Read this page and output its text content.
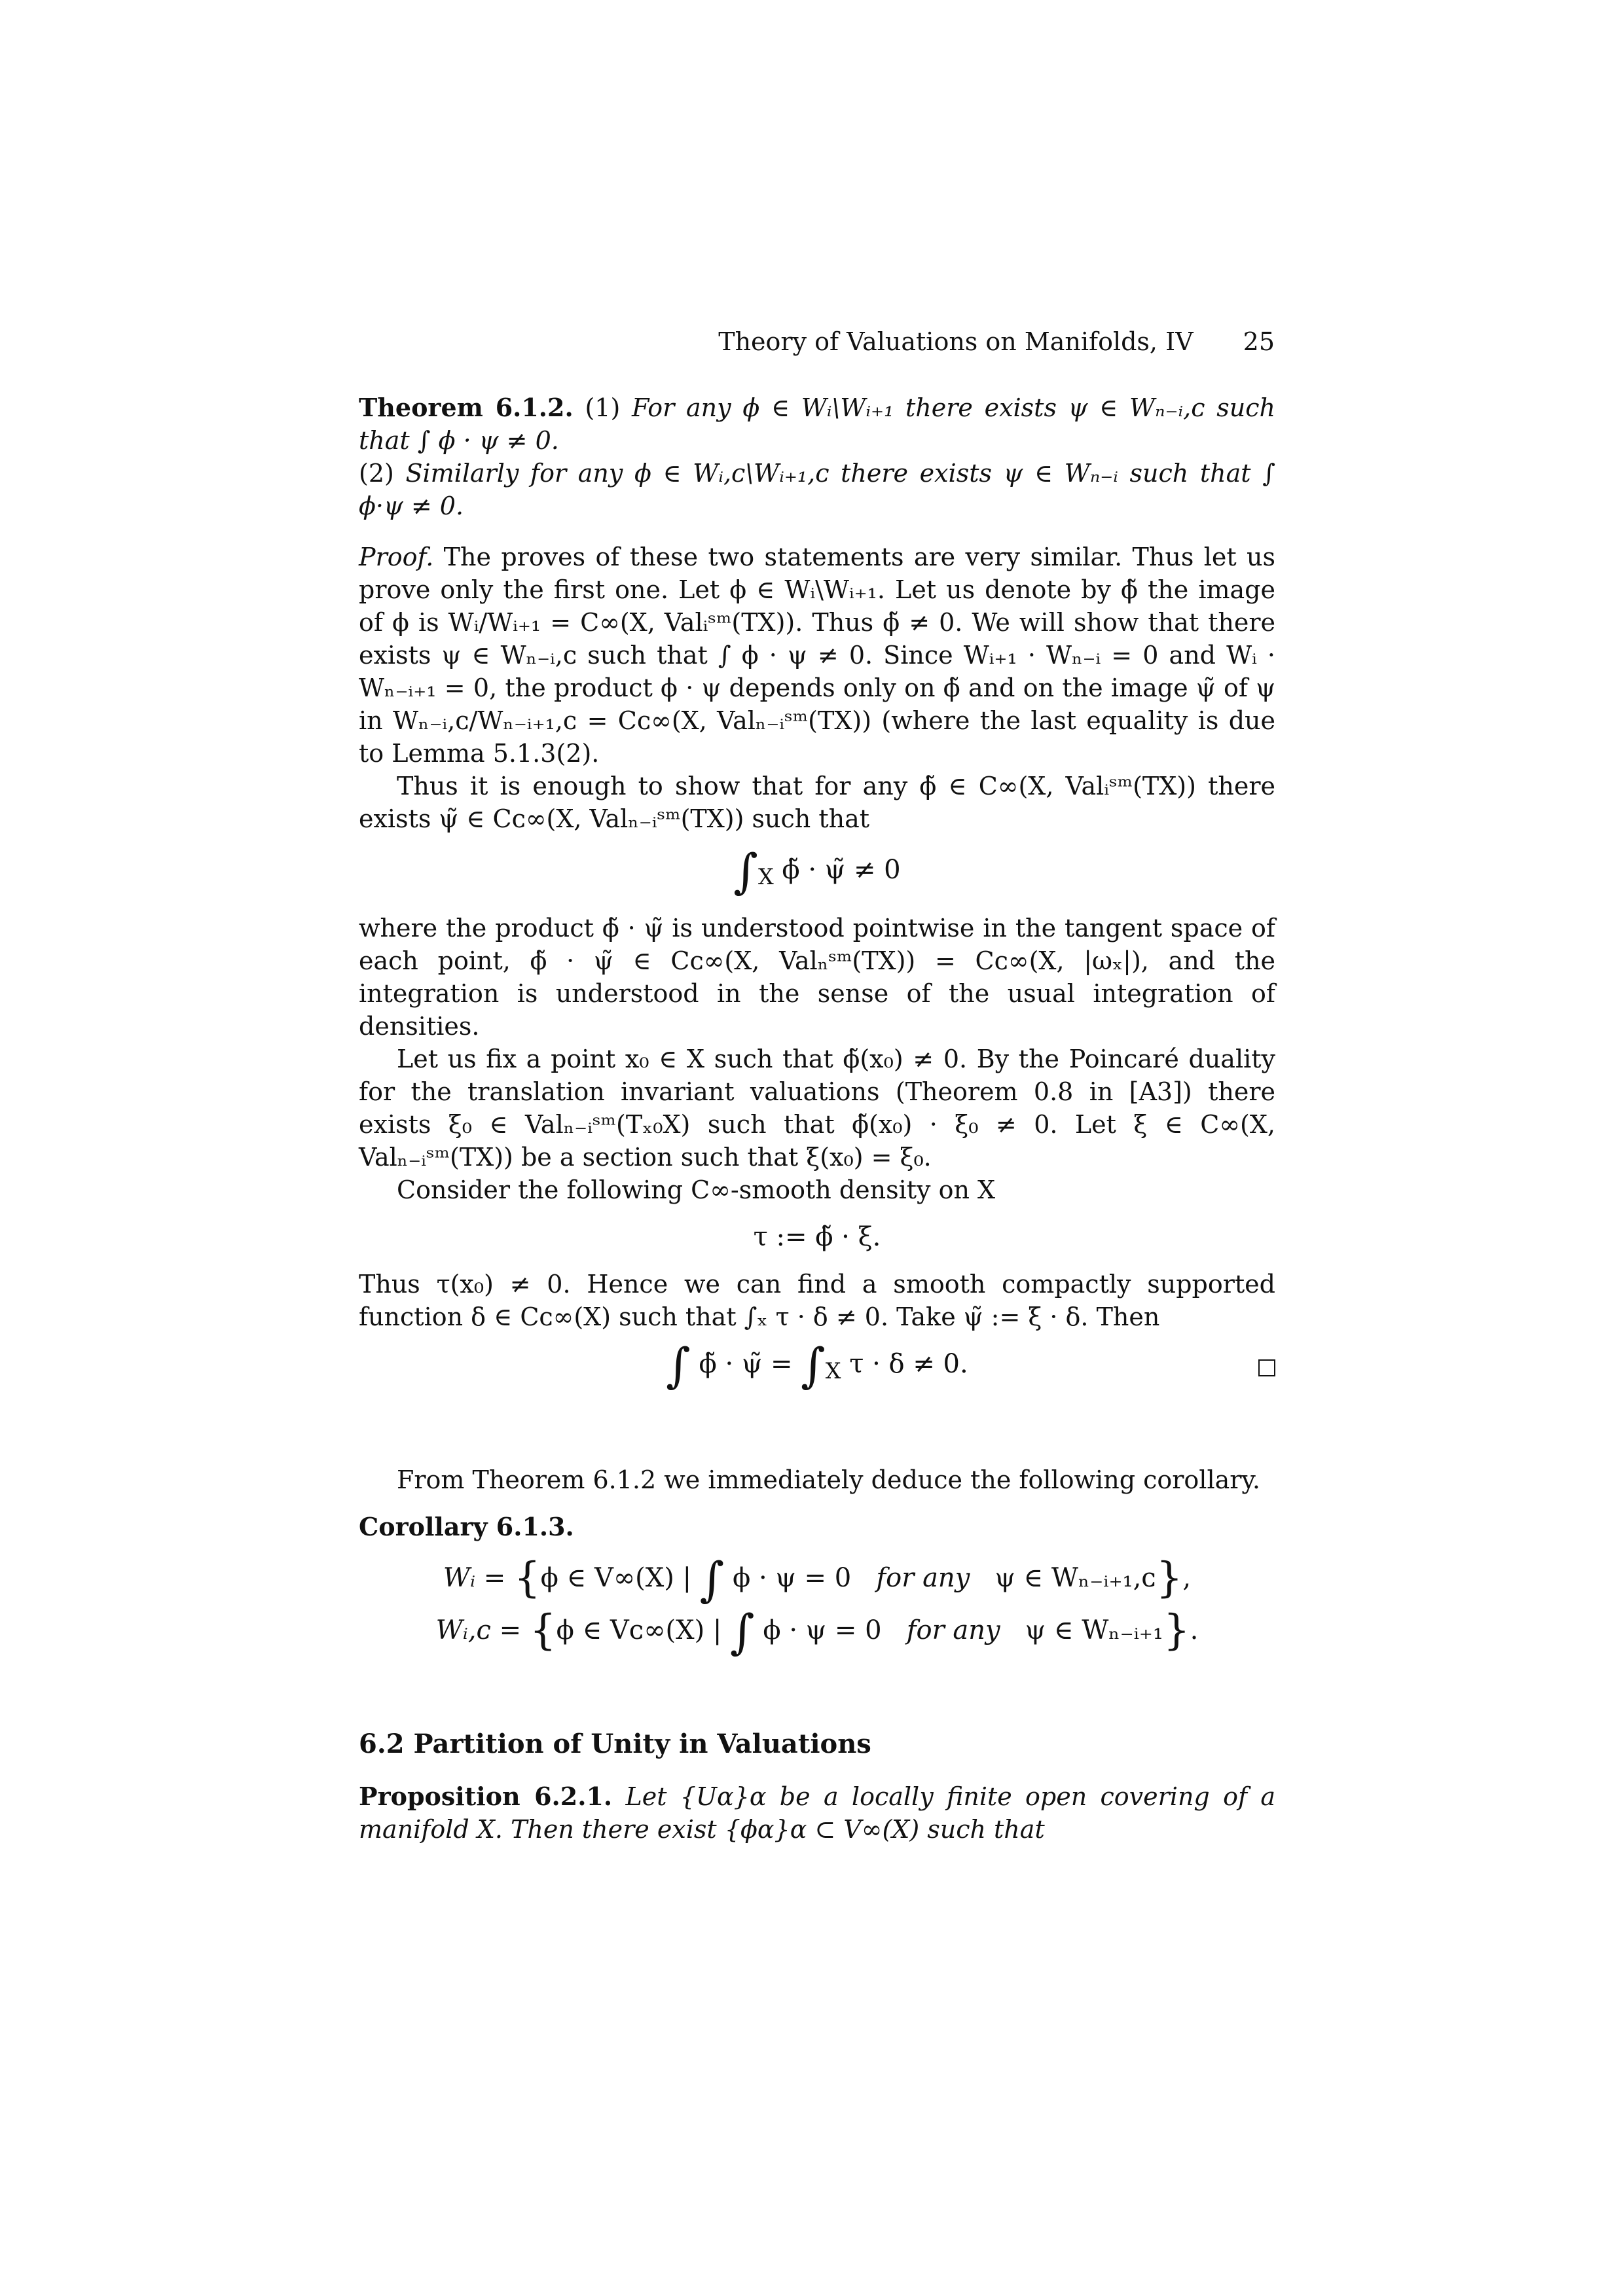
Theory of Valuations on Manifolds, IV 25

Theorem 6.1.2. (1) For any ϕ ∈ Wᵢ\Wᵢ₊₁ there exists ψ ∈ Wₙ₋ᵢ,ᴄ such that ∫ ϕ · ψ ≠ 0.

(2) Similarly for any ϕ ∈ Wᵢ,ᴄ\Wᵢ₊₁,ᴄ there exists ψ ∈ Wₙ₋ᵢ such that ∫ ϕ·ψ ≠ 0.

Proof. The proves of these two statements are very similar. Thus let us prove only the first one. Let ϕ ∈ Wᵢ\Wᵢ₊₁. Let us denote by ϕ̃ the image of ϕ is Wᵢ/Wᵢ₊₁ = C∞(X, Valᵢˢᵐ(TX)). Thus ϕ̃ ≠ 0. We will show that there exists ψ ∈ Wₙ₋ᵢ,ᴄ such that ∫ ϕ · ψ ≠ 0. Since Wᵢ₊₁ · Wₙ₋ᵢ = 0 and Wᵢ · Wₙ₋ᵢ₊₁ = 0, the product ϕ · ψ depends only on ϕ̃ and on the image ψ̃ of ψ in Wₙ₋ᵢ,ᴄ/Wₙ₋ᵢ₊₁,ᴄ = Cᴄ∞(X, Valₙ₋ᵢˢᵐ(TX)) (where the last equality is due to Lemma 5.1.3(2).

Thus it is enough to show that for any ϕ̃ ∈ C∞(X, Valᵢˢᵐ(TX)) there exists ψ̃ ∈ Cᴄ∞(X, Valₙ₋ᵢˢᵐ(TX)) such that

$\int_X$ ϕ̃ · ψ̃ ≠ 0

where the product ϕ̃ · ψ̃ is understood pointwise in the tangent space of each point, ϕ̃ · ψ̃ ∈ Cᴄ∞(X, Valₙˢᵐ(TX)) = Cᴄ∞(X, |ωₓ|), and the integration is understood in the sense of the usual integration of densities.

Let us fix a point x₀ ∈ X such that ϕ̃(x₀) ≠ 0. By the Poincaré duality for the translation invariant valuations (Theorem 0.8 in [A3]) there exists ξ₀ ∈ Valₙ₋ᵢˢᵐ(Tₓ₀X) such that ϕ̃(x₀) · ξ₀ ≠ 0. Let ξ ∈ C∞(X, Valₙ₋ᵢˢᵐ(TX)) be a section such that ξ(x₀) = ξ₀.

Consider the following C∞-smooth density on X

τ := ϕ̃ · ξ.

Thus τ(x₀) ≠ 0. Hence we can find a smooth compactly supported function δ ∈ Cᴄ∞(X) such that ∫ₓ τ · δ ≠ 0. Take ψ̃ := ξ · δ. Then

∫ ϕ̃ · ψ̃ = $\int_X$ τ · δ ≠ 0.

From Theorem 6.1.2 we immediately deduce the following corollary.

Corollary 6.1.3.

Wᵢ = {ϕ ∈ V∞(X) | ∫ ϕ · ψ = 0 for any ψ ∈ Wₙ₋ᵢ₊₁,ᴄ},
Wᵢ,ᴄ = {ϕ ∈ Vᴄ∞(X) | ∫ ϕ · ψ = 0 for any ψ ∈ Wₙ₋ᵢ₊₁}.

6.2 Partition of Unity in Valuations

Proposition 6.2.1. Let {Uα}α be a locally finite open covering of a manifold X. Then there exist {ϕα}α ⊂ V∞(X) such that
